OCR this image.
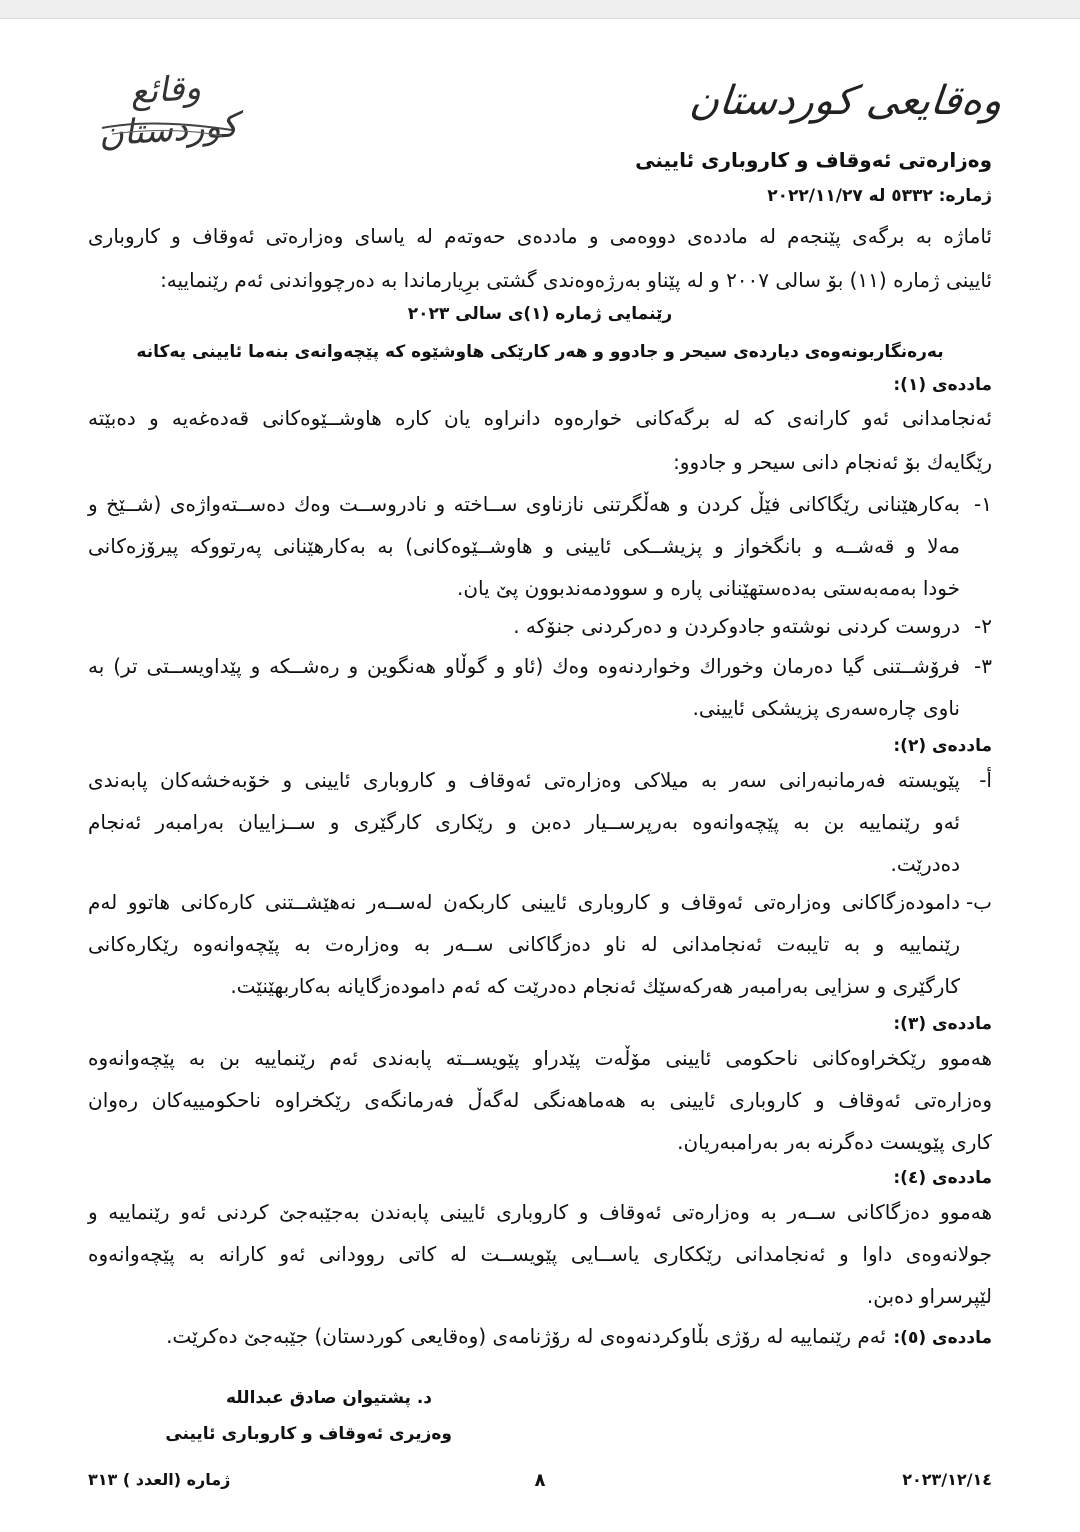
وەقایعی کوردستان
وقائع كوردستان
وەزارەتی ئەوقاف و کاروباری ئایینی
ژمارە: ٥٣٣٢ لە ٢٠٢٢/١١/٢٧
ئاماژە بە برگەی پێنجەم لە ماددەی دووەمی و ماددەی حەوتەم لە یاسای وەزارەتی ئەوقاف و کاروباری
ئایینی ژمارە (١١) بۆ سالی ٢٠٠٧ و لە پێناو بەرژەوەندی گشتی برِیارماندا بە دەرچوواندنی ئەم رێنماییە:
رێنمایی ژمارە (١)ی سالی ٢٠٢٣
بەرەنگاربونەوەی دیاردەی سیحر و جادوو و هەر کارێکی هاوشێوە کە پێچەوانەی بنەما ئایینی یەکانە
ماددەی (١):
ئەنجامدانی ئەو کارانەی کە لە برگەکانی خوارەوە دانراوە یان کارە هاوشــێوەکانی قەدەغەیە و دەبێتە
رێگایەك بۆ ئەنجام دانی سیحر و جادوو:
١-
بەکارهێنانی رێگاکانی فێڵ کردن و هەڵگرتنی نازناوی ســاختە و نادروســت وەك دەســتەواژەی (شــێخ و
مەلا و قەشــە و بانگخواز و پزیشــکی ئایینی و هاوشــێوەکانی) بە بەکارهێنانی پەرتووکە پیرۆزەکانی
خودا بەمەبەستی بەدەستهێنانی پارە و سوودمەندبوون پێ یان.
٢-
دروست کردنی نوشتەو جادوکردن و دەرکردنی جنۆکە .
٣-
فرۆشــتنی گیا دەرمان وخوراك وخواردنەوە وەك (ئاو و گوڵاو هەنگوین و رەشــکە و پێداویســتی تر) بە
ناوی چارەسەری پزیشکی ئایینی.
ماددەی (٢):
أ-
پێویستە فەرمانبەرانی سەر بە میلاکی وەزارەتی ئەوقاف و کاروباری ئایینی و خۆبەخشەکان پابەندی
ئەو رێنماییە بن بە پێچەوانەوە بەرپرســیار دەبن و رێکاری کارگێری و ســزاییان بەرامبەر ئەنجام
دەدرێت.
ب-
دامودەزگاکانی وەزارەتی ئەوقاف و کاروباری ئایینی کاربکەن لەســەر نەهێشــتنی کارەکانی هاتوو لەم
رێنماییە و بە تایبەت ئەنجامدانی لە ناو دەزگاکانی ســەر بە وەزارەت بە پێچەوانەوە رێکارەکانی
کارگێری و سزایی بەرامبەر هەرکەسێك ئەنجام دەدرێت کە ئەم دامودەزگایانە بەکاربهێنێت.
ماددەی (٣):
هەموو رێکخراوەکانی ناحکومی ئایینی مۆڵەت پێدراو پێویســتە پابەندی ئەم رێنماییە بن بە پێچەوانەوە
وەزارەتی ئەوقاف و کاروباری ئایینی بە هەماهەنگی لەگەڵ فەرمانگەی رێکخراوە ناحکومییەکان رەوان
کاری پێویست دەگرنە بەر بەرامبەریان.
ماددەی (٤):
هەموو دەزگاکانی ســەر بە وەزارەتی ئەوقاف و کاروباری ئایینی پابەندن بەجێبەجێ کردنی ئەو رێنماییە و
جولانەوەی داوا و ئەنجامدانی رێککاری یاســایی پێویســت لە کاتی روودانی ئەو کارانە بە پێچەوانەوە
لێپرسراو دەبن.
ماددەی (٥):
ئەم رێنماییە لە رۆژی بڵاوکردنەوەی لە رۆژنامەی (وەقایعی کوردستان) جێبەجێ دەکرێت.
د. پشتیوان صادق عبدالله
وەزیری ئەوقاف و کاروباری ئایینی
٢٠٢٣/١٢/١٤
٨
ژمارە (العدد ) ٣١٣
